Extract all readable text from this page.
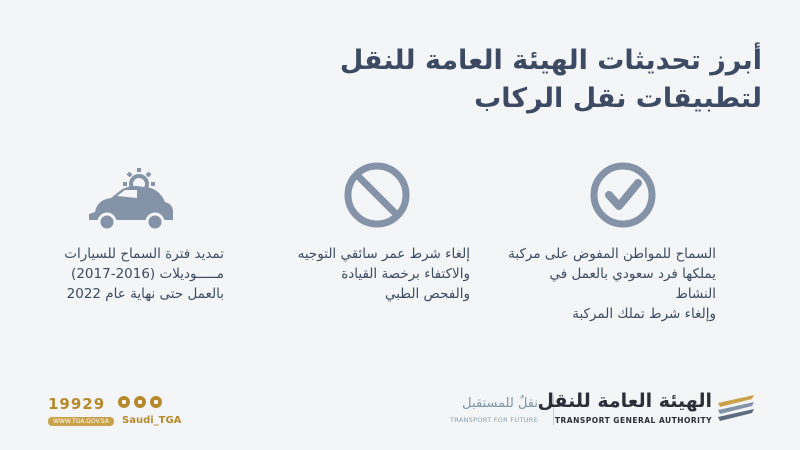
أبرز تحديثات الهيئة العامة للنقل
لتطبيقات نقل الركاب

السماح للمواطن المفوض على مركبة
يملكها فرد سعودي بالعمل في النشاط
وإلغاء شرط تملك المركبة

إلغاء شرط عمر سائقي التوجيه
والاكتفاء برخصة القيادة
والفحص الطبي

تمديد فترة السماح للسيارات
مـــــوديلات (2016-2017)
بالعمل حتى نهاية عام 2022

19929
WWW.TGA.GOV.SA	Saudi_TGA
نقلٌ للمستقبل
TRANSPORT FOR FUTURE
الهيئة العامة للنقل
TRANSPORT GENERAL AUTHORITY
